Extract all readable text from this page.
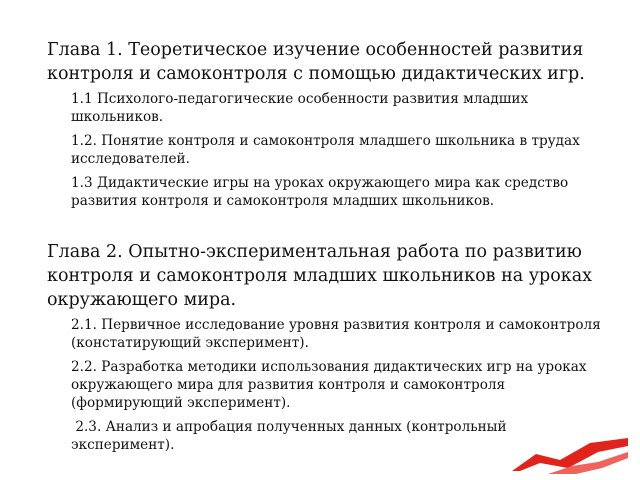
Глава 1. Теоретическое изучение особенностей развития контроля и самоконтроля с помощью дидактических игр.

1.1 Психолого-педагогические особенности развития младших школьников.

1.2. Понятие контроля и самоконтроля младшего школьника в трудах исследователей.

1.3 Дидактические игры на уроках окружающего мира как средство развития контроля и самоконтроля младших школьников.

Глава 2. Опытно-экспериментальная работа по развитию контроля и самоконтроля младших школьников на уроках окружающего мира.

2.1. Первичное исследование уровня развития контроля и самоконтроля (констатирующий эксперимент).

2.2. Разработка методики использования дидактических игр на уроках окружающего мира для развития контроля и самоконтроля (формирующий эксперимент).

2.3. Анализ и апробация полученных данных (контрольный эксперимент).
